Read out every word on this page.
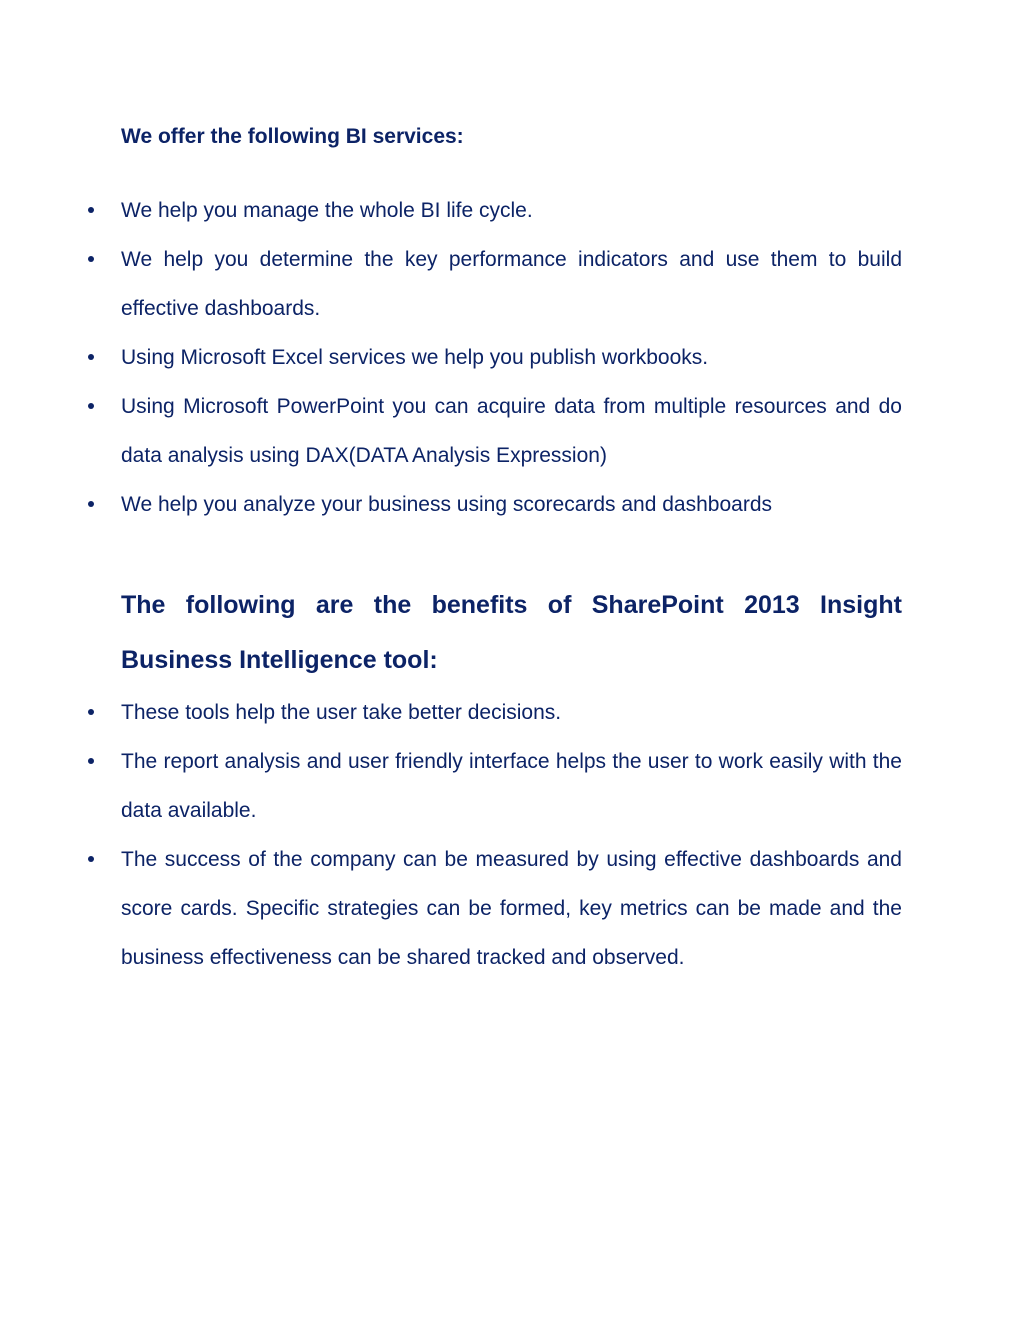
We offer the following BI services:
We help you manage the whole BI life cycle.
We help you determine the key performance indicators and use them to build effective dashboards.
Using Microsoft Excel services we help you publish workbooks.
Using Microsoft PowerPoint you can acquire data from multiple resources and do data analysis using DAX(DATA Analysis Expression)
We help you analyze your business using scorecards and dashboards
The following are the benefits of SharePoint 2013 Insight Business Intelligence tool:
These tools help the user take better decisions.
The report analysis and user friendly interface helps the user to work easily with the data available.
The success of the company can be measured by using effective dashboards and score cards. Specific strategies can be formed, key metrics can be made and the business effectiveness can be shared tracked and observed.
